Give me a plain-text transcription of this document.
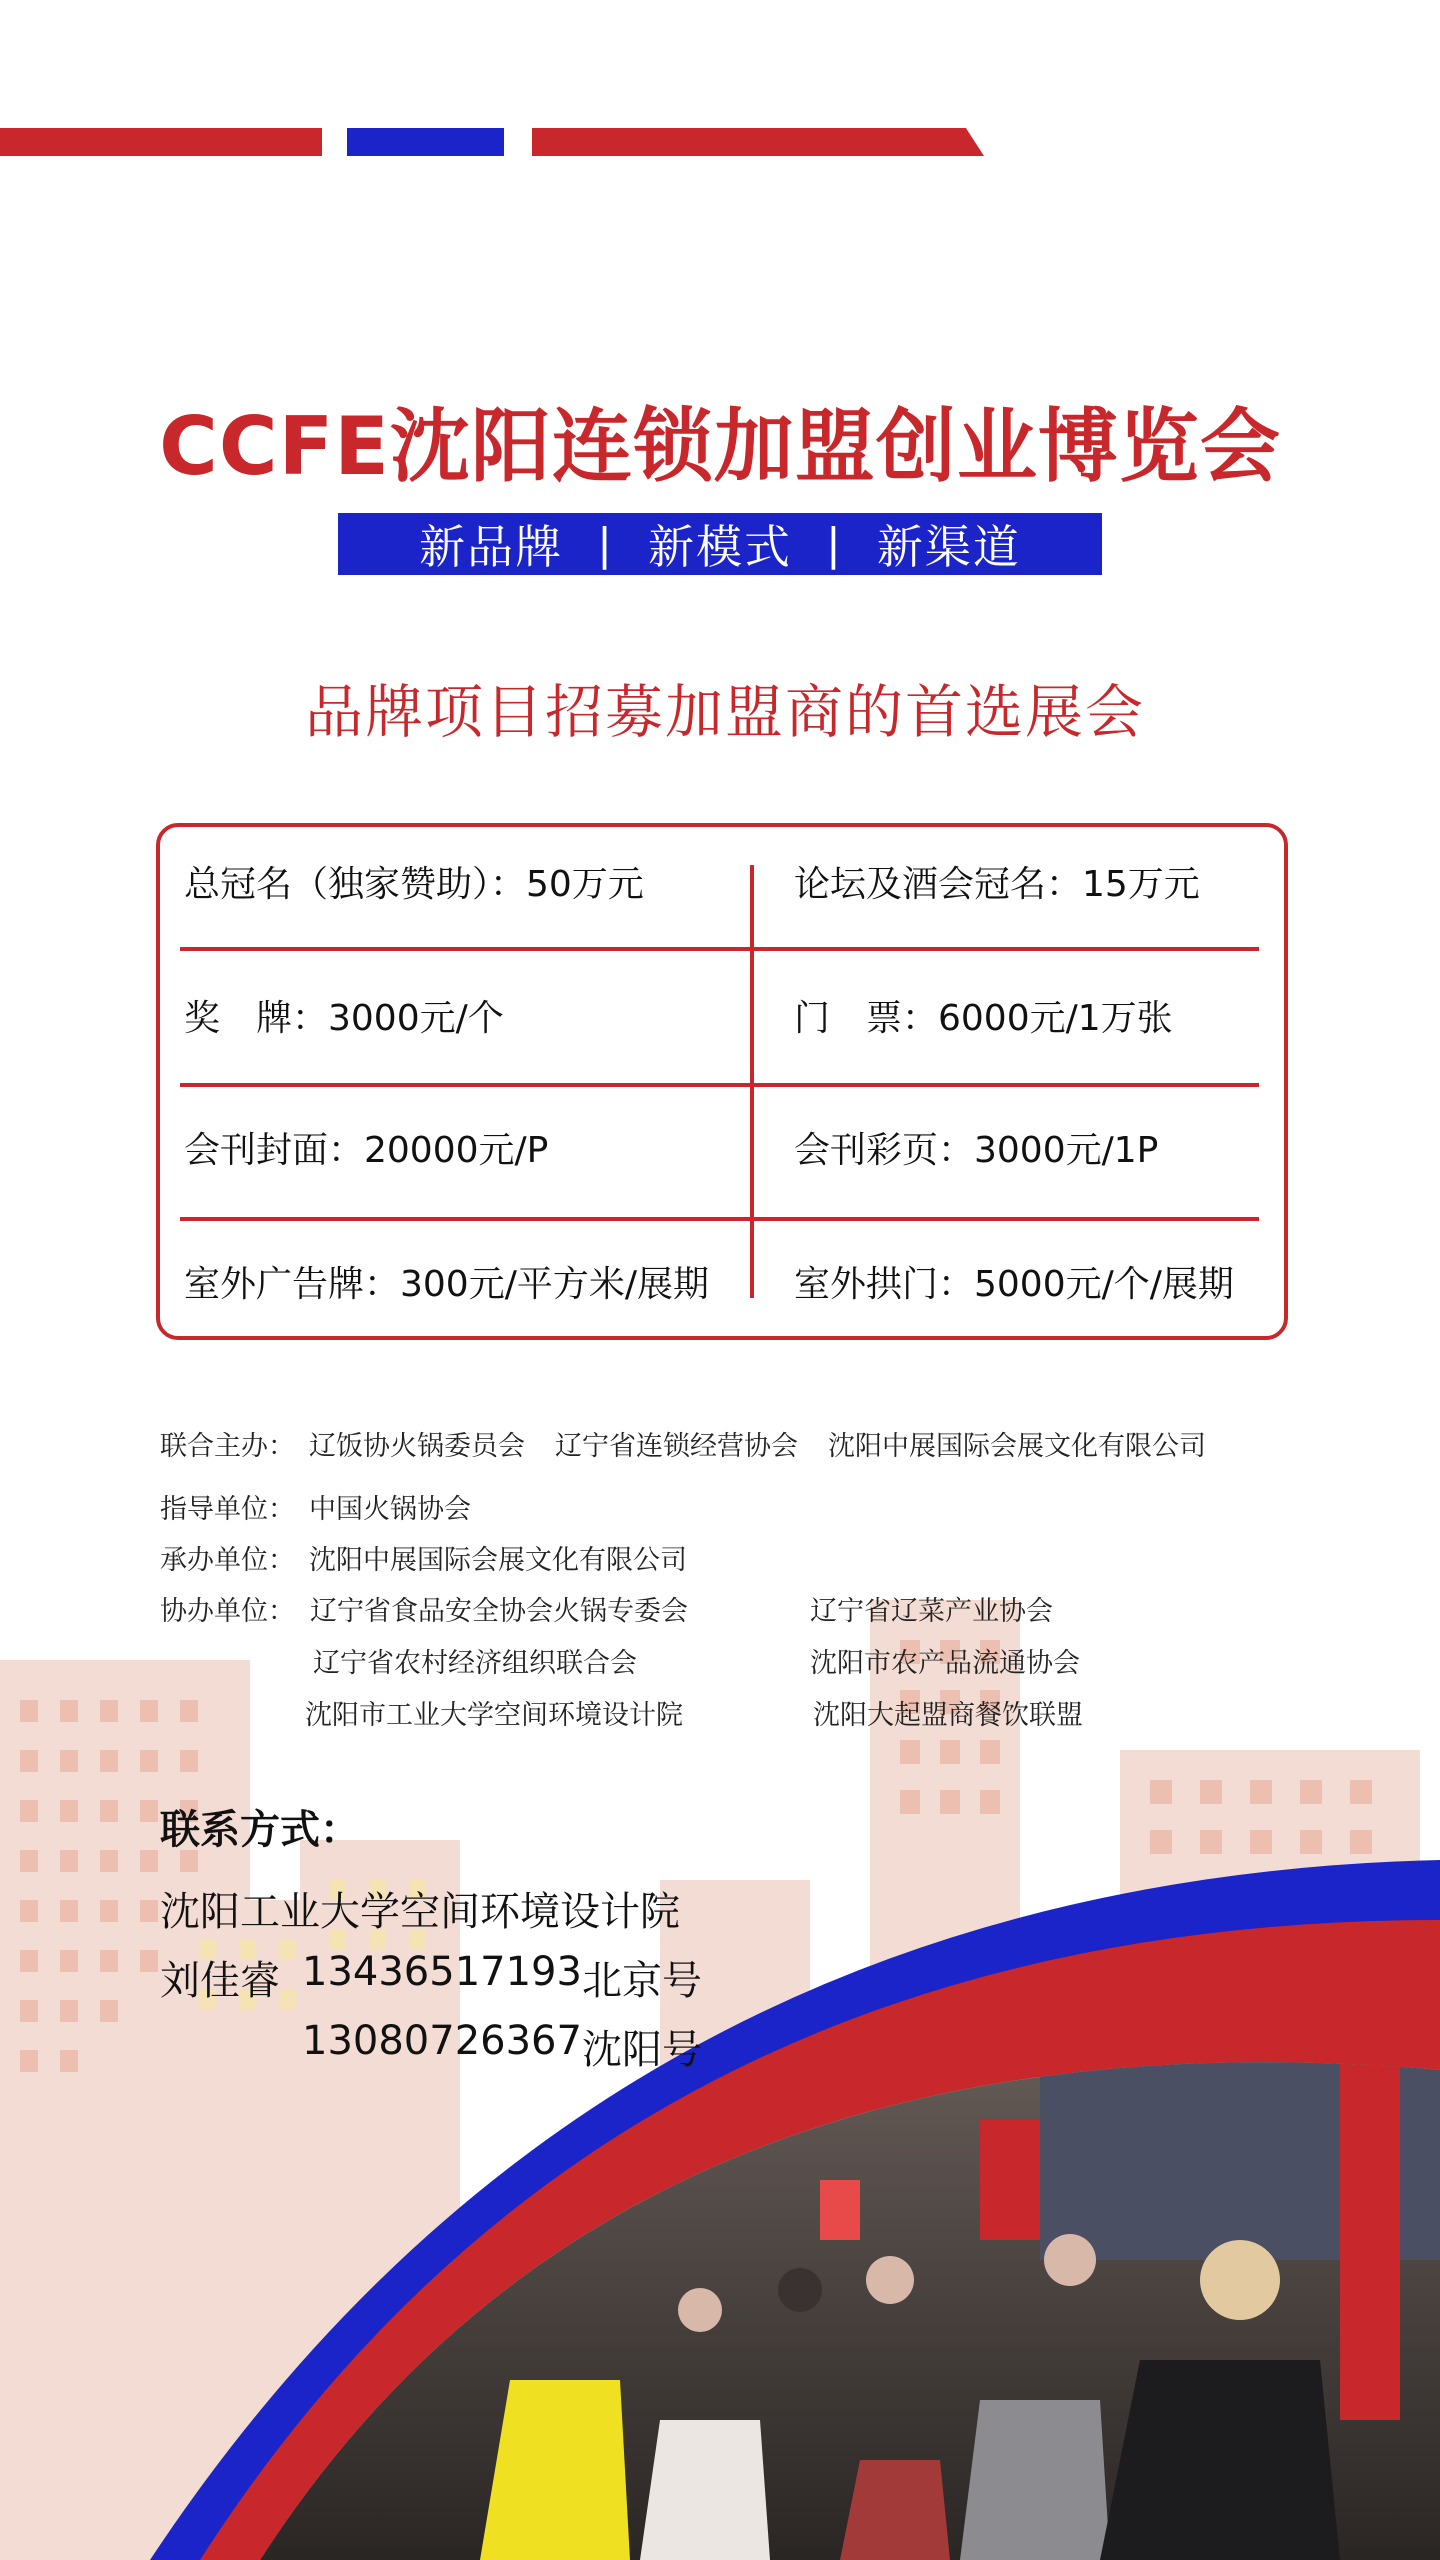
CCFE沈阳连锁加盟创业博览会
新品牌 | 新模式 | 新渠道
品牌项目招募加盟商的首选展会
总冠名（独家赞助）：50万元	论坛及酒会冠名：15万元
奖　牌：3000元/个	门　票：6000元/1万张
会刊封面：20000元/P	会刊彩页：3000元/1P
室外广告牌：300元/平方米/展期 室外拱门：5000元/个/展期
联合主办： 辽饭协火锅委员会 辽宁省连锁经营协会 沈阳中展国际会展文化有限公司
指导单位： 中国火锅协会
承办单位： 沈阳中展国际会展文化有限公司
协办单位： 辽宁省食品安全协会火锅专委会	辽宁省辽菜产业协会
辽宁省农村经济组织联合会	沈阳市农产品流通协会
沈阳市工业大学空间环境设计院	沈阳大起盟商餐饮联盟
联系方式：
沈阳工业大学空间环境设计院
刘佳睿 13436517193 北京号
13080726367 沈阳号
